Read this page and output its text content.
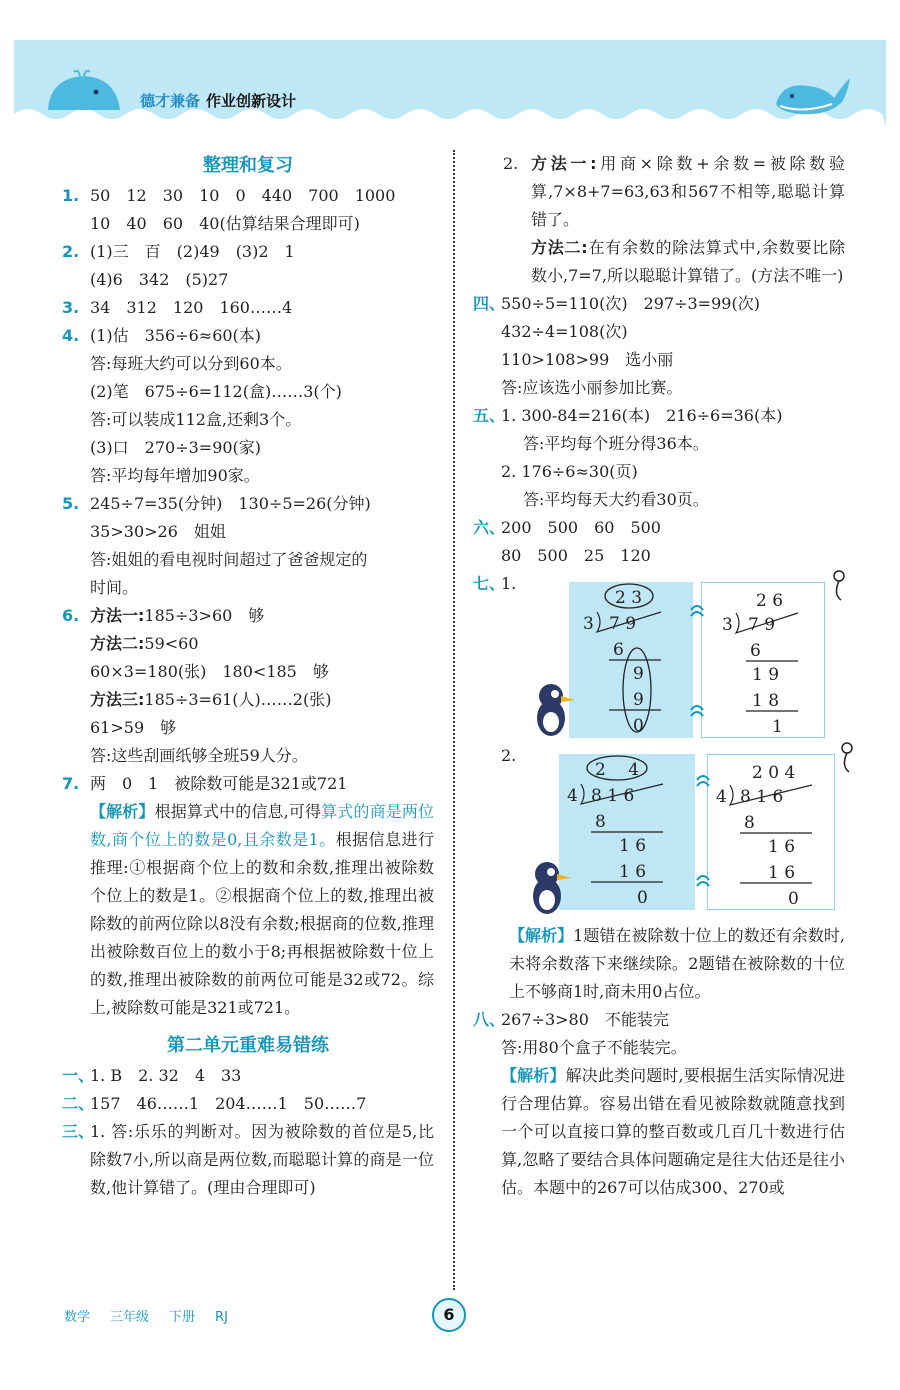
德才兼备 作业创新设计
整理和复习
1. 50　12　30　10　0　440　700　1000

10　40　60　40(估算结果合理即可)

2. (1)三　百　(2)49　(3)2　1

(4)6　342　(5)27

3. 34　312　120　160……4

4. (1)估　356÷6≈60(本)

答:每班大约可以分到60本。

(2)笔　675÷6=112(盒)……3(个)

答:可以装成112盒,还剩3个。

(3)口　270÷3=90(家)

答:平均每年增加90家。

5. 245÷7=35(分钟)　130÷5=26(分钟)

35>30>26　姐姐

答:姐姐的看电视时间超过了爸爸规定的

时间。

6. 方法一:185÷3>60　够

方法二:59<60

60×3=180(张)　180<185　够

方法三:185÷3=61(人)……2(张)

61>59　够

答:这些刮画纸够全班59人分。

7. 两　0　1　被除数可能是321或721

【解析】根据算式中的信息,可得算式的商是两位数,商个位上的数是0,且余数是1。根据信息进行推理:①根据商个位上的数和余数,推理出被除数个位上的数是1。②根据商个位上的数,推理出被除数的前两位除以8没有余数;根据商的位数,推理出被除数百位上的数小于8;再根据被除数十位上的数,推理出被除数的前两位可能是32或72。综上,被除数可能是321或721。

第二单元重难易错练
一、

1. B　2. 32　4　33

二、

157　46……1　204……1　50……7

三、

1. 答:乐乐的判断对。因为被除数的首位是5,比除数7小,所以商是两位数,而聪聪计算的商是一位数,他计算错了。(理由合理即可)

2. 方法一:用商×除数+余数=被除数验算,7×8+7=63,63和567不相等,聪聪计算错了。

方法二:在有余数的除法算式中,余数要比除数小,7=7,所以聪聪计算错了。(方法不唯一)

四、

550÷5=110(次)　297÷3=99(次)

432÷4=108(次)

110>108>99　选小丽

答:应该选小丽参加比赛。

五、

1. 300-84=216(本)　216÷6=36(本)

答:平均每个班分得36本。

2. 176÷6≈30(页)

答:平均每天大约看30页。

六、

200　500　60　500

80　500　25　120

七、
1.
2.
2 3
3 7 9
6
9
9
0
2 6
3 7 9
6
1 9
1 8
1
2　 4
4 8 1 6
8
1 6
1 6
0
2 0 4
4 8 1 6
8
1 6
1 6
0

【解析】1题错在被除数十位上的数还有余数时,未将余数落下来继续除。2题错在被除数的十位上不够商1时,商未用0占位。

八、

267÷3>80　不能装完

答:用80个盒子不能装完。

【解析】解决此类问题时,要根据生活实际情况进行合理估算。容易出错在看见被除数就随意找到一个可以直接口算的整百数或几百几十数进行估算,忽略了要结合具体问题确定是往大估还是往小估。本题中的267可以估成300、270或

数学 三年级 下册 RJ	6
